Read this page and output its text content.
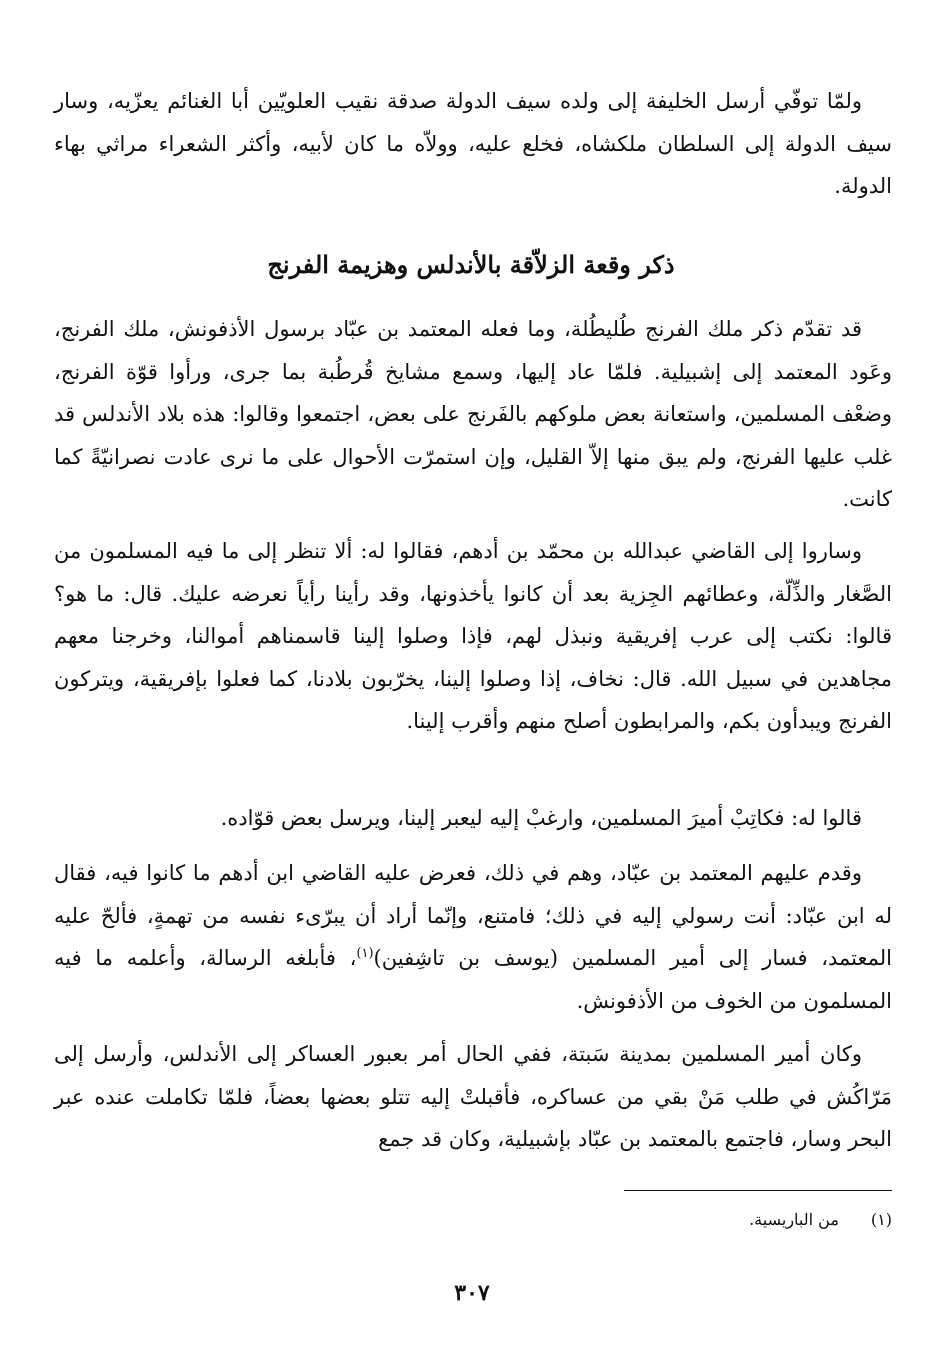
ولمّا توفّي أرسل الخليفة إلى ولده سيف الدولة صدقة نقيب العلويّين أبا الغنائم يعزّيه، وسار سيف الدولة إلى السلطان ملكشاه، فخلع عليه، وولاّه ما كان لأبيه، وأكثر الشعراء مراثي بهاء الدولة.

ذكر وقعة الزلاّقة بالأندلس وهزيمة الفرنج

قد تقدّم ذكر ملك الفرنج طُليطُلة، وما فعله المعتمد بن عبّاد برسول الأذفونش، ملك الفرنج، وعَود المعتمد إلى إشبيلية. فلمّا عاد إليها، وسمع مشايخ قُرطُبة بما جرى، ورأوا قوّة الفرنج، وضعْف المسلمين، واستعانة بعض ملوكهم بالفَرنج على بعض، اجتمعوا وقالوا: هذه بلاد الأندلس قد غلب عليها الفرنج، ولم يبق منها إلاّ القليل، وإن استمرّت الأحوال على ما نرى عادت نصرانيّةً كما كانت.

وساروا إلى القاضي عبدالله بن محمّد بن أدهم، فقالوا له: ألا تنظر إلى ما فيه المسلمون من الصَّغار والذِّلّة، وعطائهم الجِزية بعد أن كانوا يأخذونها، وقد رأينا رأياً نعرضه عليك. قال: ما هو؟ قالوا: نكتب إلى عرب إفريقية ونبذل لهم، فإذا وصلوا إلينا قاسمناهم أموالنا، وخرجنا معهم مجاهدين في سبيل الله. قال: نخاف، إذا وصلوا إلينا، يخرّبون بلادنا، كما فعلوا بإفريقية، ويتركون الفرنج ويبدأون بكم، والمرابطون أصلح منهم وأقرب إلينا.

قالوا له: فكاتِبْ أميرَ المسلمين، وارغبْ إليه ليعبر إلينا، ويرسل بعض قوّاده.

وقدم عليهم المعتمد بن عبّاد، وهم في ذلك، فعرض عليه القاضي ابن أدهم ما كانوا فيه، فقال له ابن عبّاد: أنت رسولي إليه في ذلك؛ فامتنع، وإنّما أراد أن يبرّىء نفسه من تهمةٍ، فألحّ عليه المعتمد، فسار إلى أمير المسلمين (يوسف بن تاشِفين)$^{(١)}$، فأبلغه الرسالة، وأعلمه ما فيه المسلمون من الخوف من الأذفونش.

وكان أمير المسلمين بمدينة سَبتة، ففي الحال أمر بعبور العساكر إلى الأندلس، وأرسل إلى مَرّاكُش في طلب مَنْ بقي من عساكره، فأقبلتْ إليه تتلو بعضها بعضاً، فلمّا تكاملت عنده عبر البحر وسار، فاجتمع بالمعتمد بن عبّاد بإشبيلية، وكان قد جمع

(١)من الباريسية.

٣٠٧
